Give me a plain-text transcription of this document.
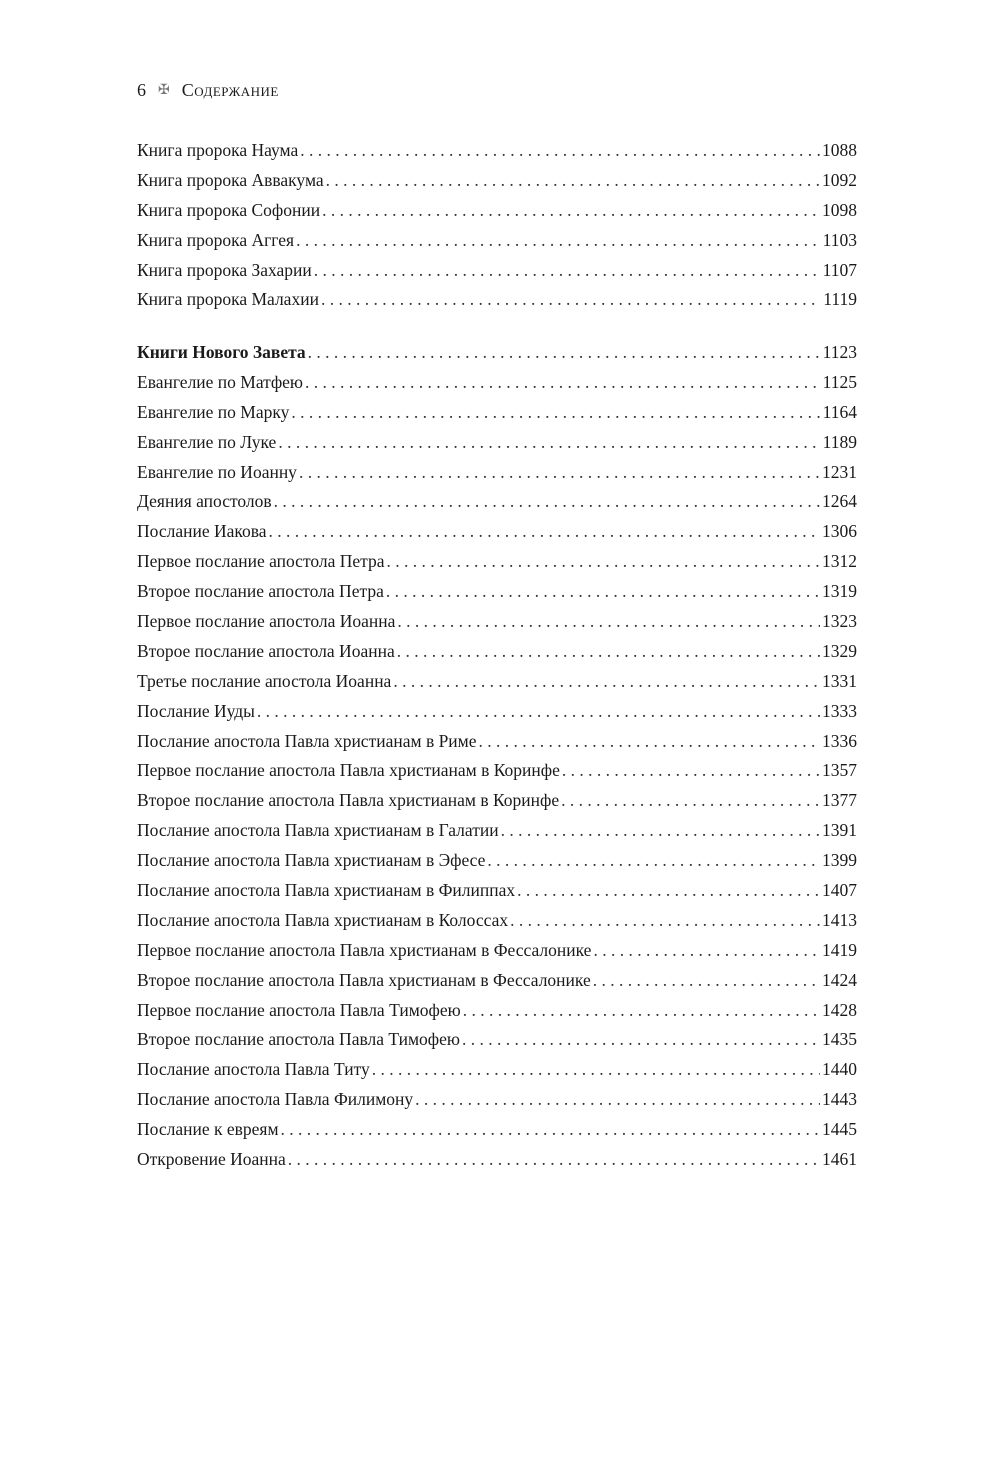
6 ✠ Содержание
Книга пророка Наума . . .	1088
Книга пророка Аввакума . . .	1092
Книга пророка Софонии . . .	1098
Книга пророка Аггея . . .	1103
Книга пророка Захарии . . .	1107
Книга пророка Малахии . . .	1119
Книги Нового Завета . . .	1123
Евангелие по Матфею . . .	1125
Евангелие по Марку . . .	1164
Евангелие по Луке . . .	1189
Евангелие по Иоанну . . .	1231
Деяния апостолов . . .	1264
Послание Иакова . . .	1306
Первое послание апостола Петра . . .	1312
Второе послание апостола Петра . . .	1319
Первое послание апостола Иоанна . . .	1323
Второе послание апостола Иоанна . . .	1329
Третье послание апостола Иоанна . . .	1331
Послание Иуды . . .	1333
Послание апостола Павла христианам в Риме . . .	1336
Первое послание апостола Павла христианам в Коринфе . . .	1357
Второе послание апостола Павла христианам в Коринфе . . .	1377
Послание апостола Павла христианам в Галатии . . .	1391
Послание апостола Павла христианам в Эфесе . . .	1399
Послание апостола Павла христианам в Филиппах . . .	1407
Послание апостола Павла христианам в Колоссах . . .	1413
Первое послание апостола Павла христианам в Фессалонике . . .	1419
Второе послание апостола Павла христианам в Фессалонике . . .	1424
Первое послание апостола Павла Тимофею . . .	1428
Второе послание апостола Павла Тимофею . . .	1435
Послание апостола Павла Титу . . .	1440
Послание апостола Павла Филимону . . .	1443
Послание к евреям . . .	1445
Откровение Иоанна . . .	1461
